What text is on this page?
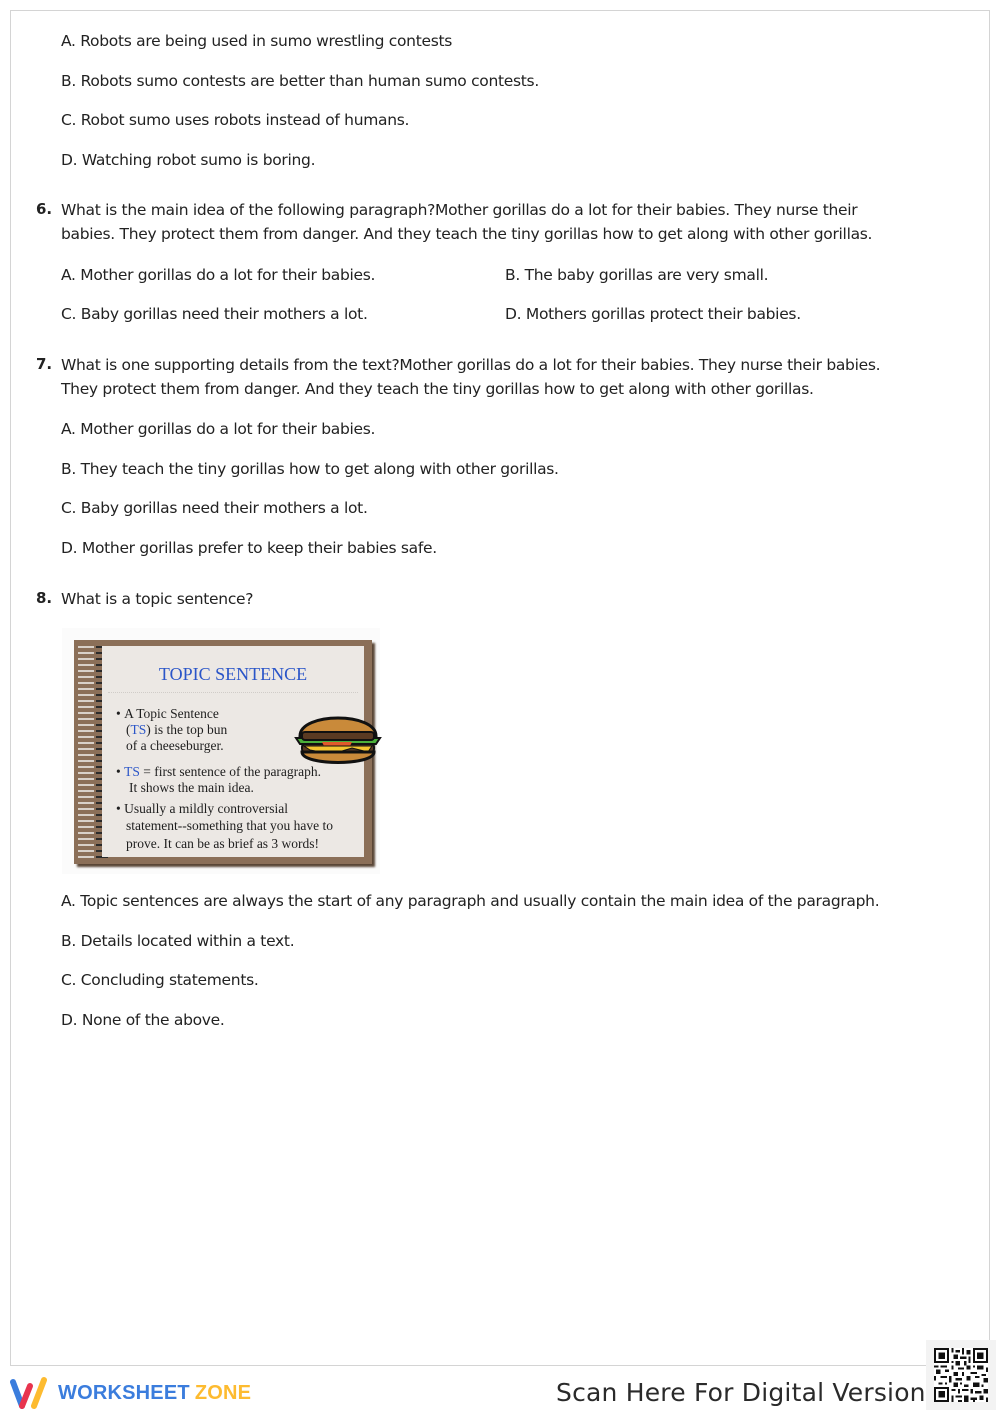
A. Robots are being used in sumo wrestling contests
B. Robots sumo contests are better than human sumo contests.
C. Robot sumo uses robots instead of humans.
D. Watching robot sumo is boring.
6. What is the main idea of the following paragraph?Mother gorillas do a lot for their babies. They nurse their
babies. They protect them from danger. And they teach the tiny gorillas how to get along with other gorillas.
A. Mother gorillas do a lot for their babies.	B. The baby gorillas are very small.
C. Baby gorillas need their mothers a lot.	D. Mothers gorillas protect their babies.
7. What is one supporting details from the text?Mother gorillas do a lot for their babies. They nurse their babies.
They protect them from danger. And they teach the tiny gorillas how to get along with other gorillas.
A. Mother gorillas do a lot for their babies.
B. They teach the tiny gorillas how to get along with other gorillas.
C. Baby gorillas need their mothers a lot.
D. Mother gorillas prefer to keep their babies safe.
8. What is a topic sentence?
TOPIC SENTENCE
• A Topic Sentence
(TS) is the top bun
of a cheeseburger.
• TS = first sentence of the paragraph.
It shows the main idea.
• Usually a mildly controversial
statement--something that you have to
prove. It can be as brief as 3 words!
A. Topic sentences are always the start of any paragraph and usually contain the main idea of the paragraph.
B. Details located within a text.
C. Concluding statements.
D. None of the above.
WORKSHEET ZONE	Scan Here For Digital Version
